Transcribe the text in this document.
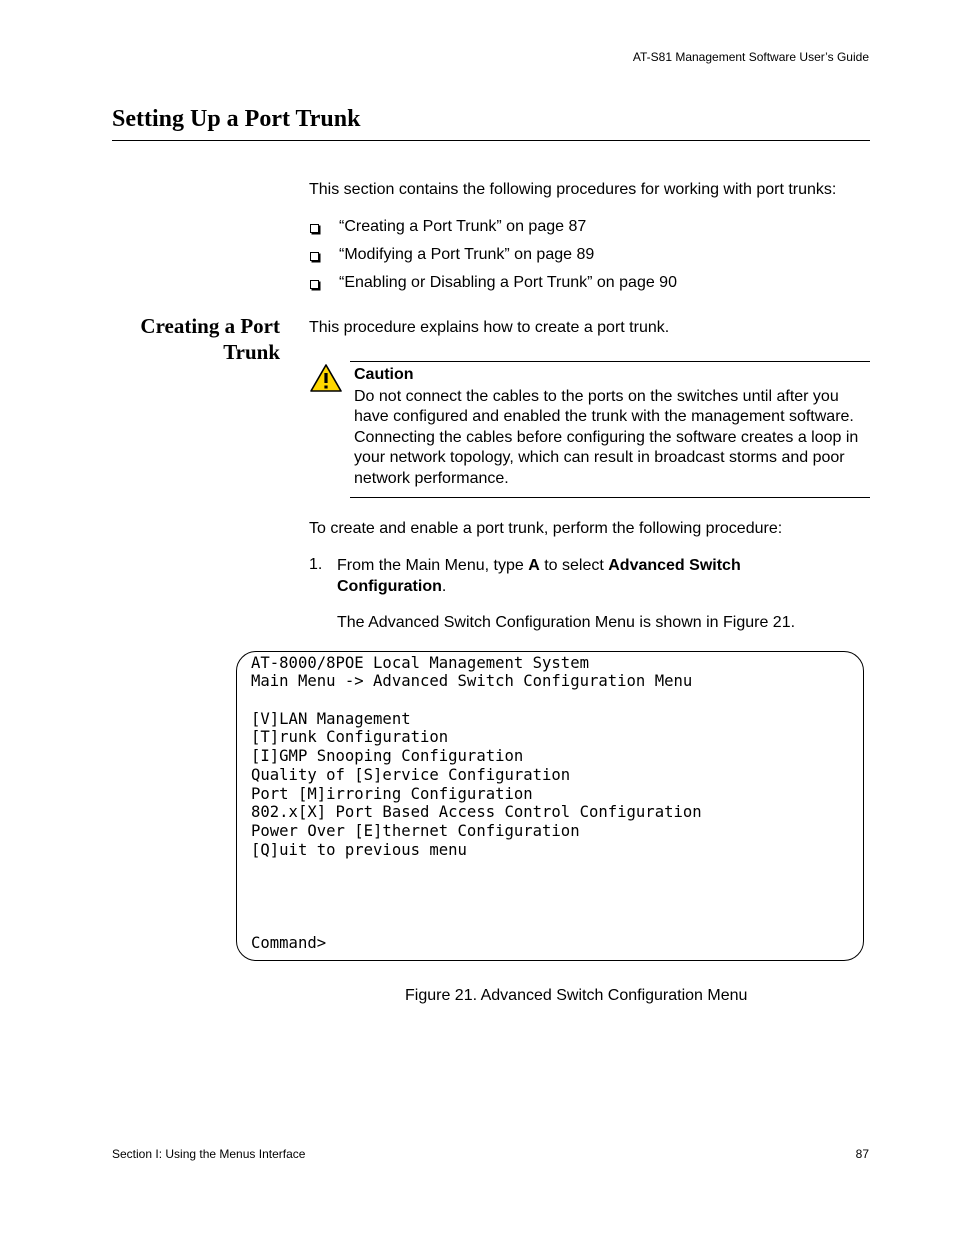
AT-S81 Management Software User’s Guide
Setting Up a Port Trunk
This section contains the following procedures for working with port trunks:
“Creating a Port Trunk” on page 87
“Modifying a Port Trunk” on page 89
“Enabling or Disabling a Port Trunk” on page 90
Creating a Port
Trunk
This procedure explains how to create a port trunk.
Caution
Do not connect the cables to the ports on the switches until after you have configured and enabled the trunk with the management software. Connecting the cables before configuring the software creates a loop in your network topology, which can result in broadcast storms and poor network performance.
To create and enable a port trunk, perform the following procedure:
1. From the Main Menu, type A to select Advanced Switch Configuration.
The Advanced Switch Configuration Menu is shown in Figure 21.
AT-8000/8POE Local Management System
Main Menu -> Advanced Switch Configuration Menu
[V]LAN Management
[T]runk Configuration
[I]GMP Snooping Configuration
Quality of [S]ervice Configuration
Port [M]irroring Configuration
802.x[X] Port Based Access Control Configuration
Power Over [E]thernet Configuration
[Q]uit to previous menu
Command>
Figure 21. Advanced Switch Configuration Menu
Section I: Using the Menus Interface	87
